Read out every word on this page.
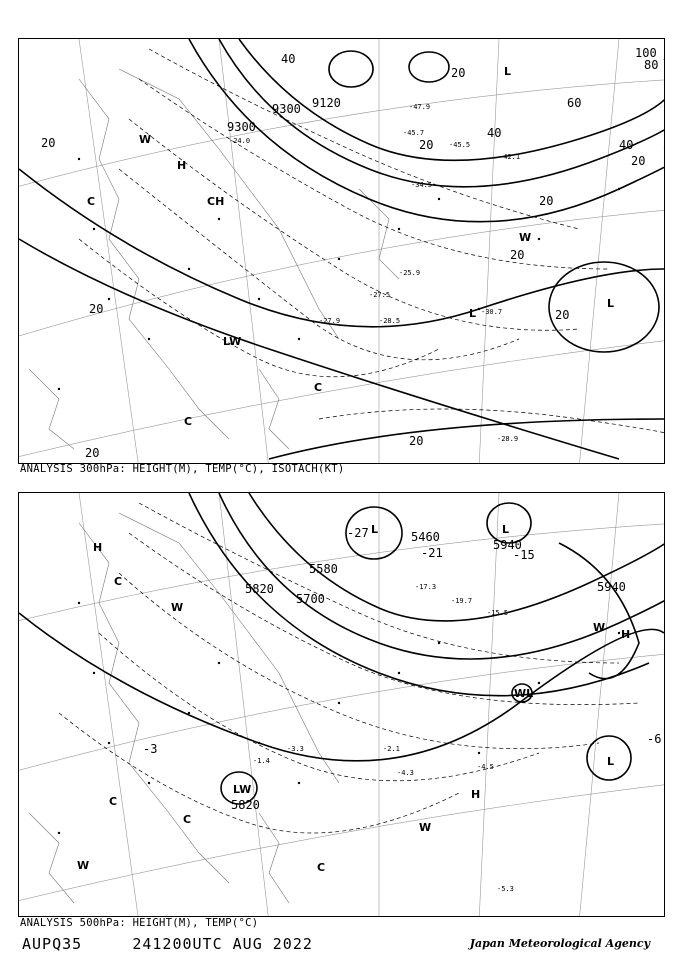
9120
9300
9300
40
40
40
20
20
20
20
20
20
20
60
80
100
20
20
20
H
CH
L
L
LW
L
W
C
C
C
W
-30.7
-28.5
-27.5
-25.9
-27.9
-28.9
-24.0
-34.5
-45.7
-47.9
-45.5
-42.1
ANALYSIS 300hPa: HEIGHT(M), TEMP(°C), ISOTACH(KT)
5460
5700
5820
5940
5940
5580
5820
H
H
H
L
L
L
LW
WL
C
C
C
C
W
W
W
W
-21	-15
-27
-3
-6
-4.5
-4.3
-5.3
-1.4
-3.3	-2.1
-19.7
-17.3
-15.5
ANALYSIS 500hPa: HEIGHT(M), TEMP(°C)
AUPQ35	241200UTC AUG 2022	Japan Meteorological Agency
